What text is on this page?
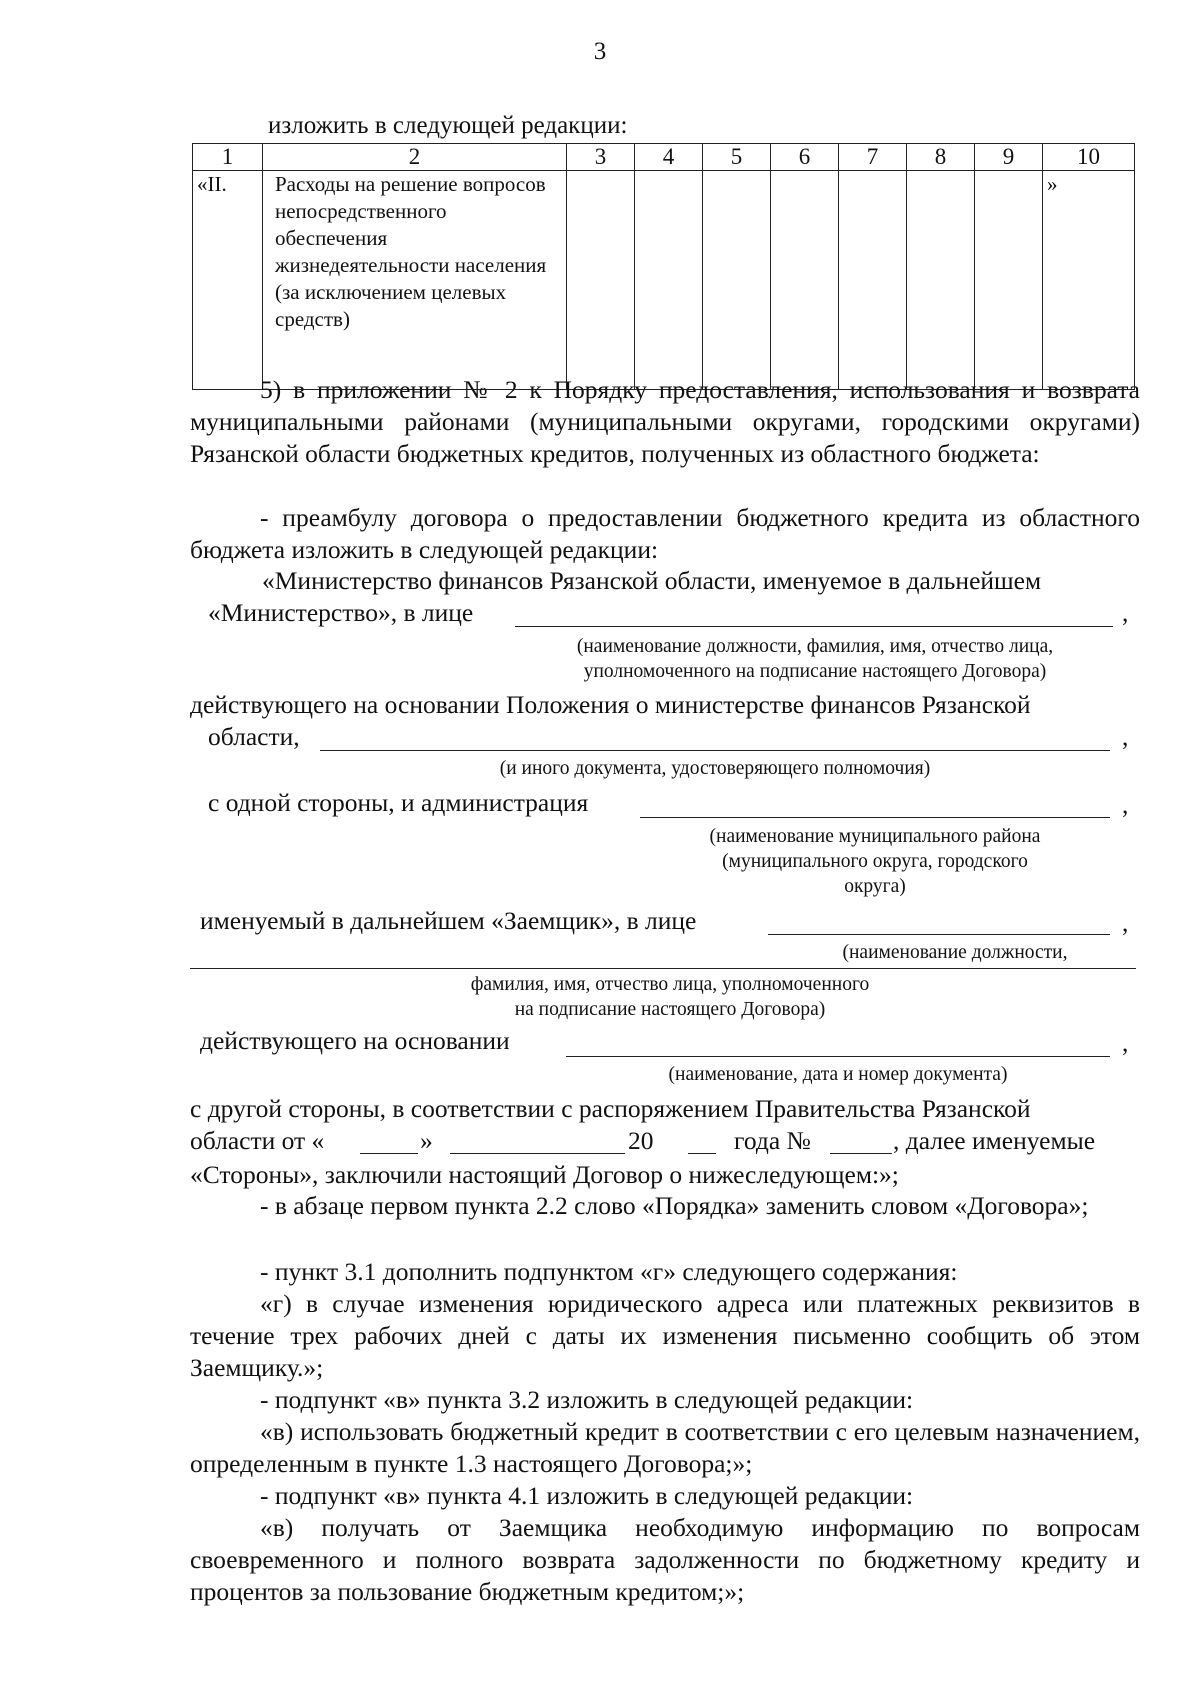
3
изложить в следующей редакции:
1	2	3	4	5	6	7	8	9	10
«II.	Расходы на решение вопросов непосредственного обеспечения жизнедеятельности населения (за исключением целевых средств)								»
5) в приложении № 2 к Порядку предоставления, использования и возврата муниципальными районами (муниципальными округами, городскими округами) Рязанской области бюджетных кредитов, полученных из областного бюджета:
- преамбулу договора о предоставлении бюджетного кредита из областного бюджета изложить в следующей редакции:
«Министерство финансов Рязанской области, именуемое в дальнейшем
«Министерство», в лице	,
(наименование должности, фамилия, имя, отчество лица,
уполномоченного на подписание настоящего Договора)
действующего на основании Положения о министерстве финансов Рязанской
области,	,
(и иного документа, удостоверяющего полномочия)
с одной стороны, и администрация	,
(наименование муниципального района
(муниципального округа, городского
округа)
именуемый в дальнейшем «Заемщик», в лице	,
(наименование должности,
фамилия, имя, отчество лица, уполномоченного
на подписание настоящего Договора)
действующего на основании	,
(наименование, дата и номер документа)
с другой стороны, в соответствии с распоряжением Правительства Рязанской
области от «	»	20	года №	, далее именуемые
«Стороны», заключили настоящий Договор о нижеследующем:»;
- в абзаце первом пункта 2.2 слово «Порядка» заменить словом «Договора»;
- пункт 3.1 дополнить подпунктом «г» следующего содержания:
«г) в случае изменения юридического адреса или платежных реквизитов в течение трех рабочих дней с даты их изменения письменно сообщить об этом Заемщику.»;
- подпункт «в» пункта 3.2 изложить в следующей редакции:
«в) использовать бюджетный кредит в соответствии с его целевым назначением, определенным в пункте 1.3 настоящего Договора;»;
- подпункт «в» пункта 4.1 изложить в следующей редакции:
«в) получать от Заемщика необходимую информацию по вопросам своевременного и полного возврата задолженности по бюджетному кредиту и процентов за пользование бюджетным кредитом;»;
